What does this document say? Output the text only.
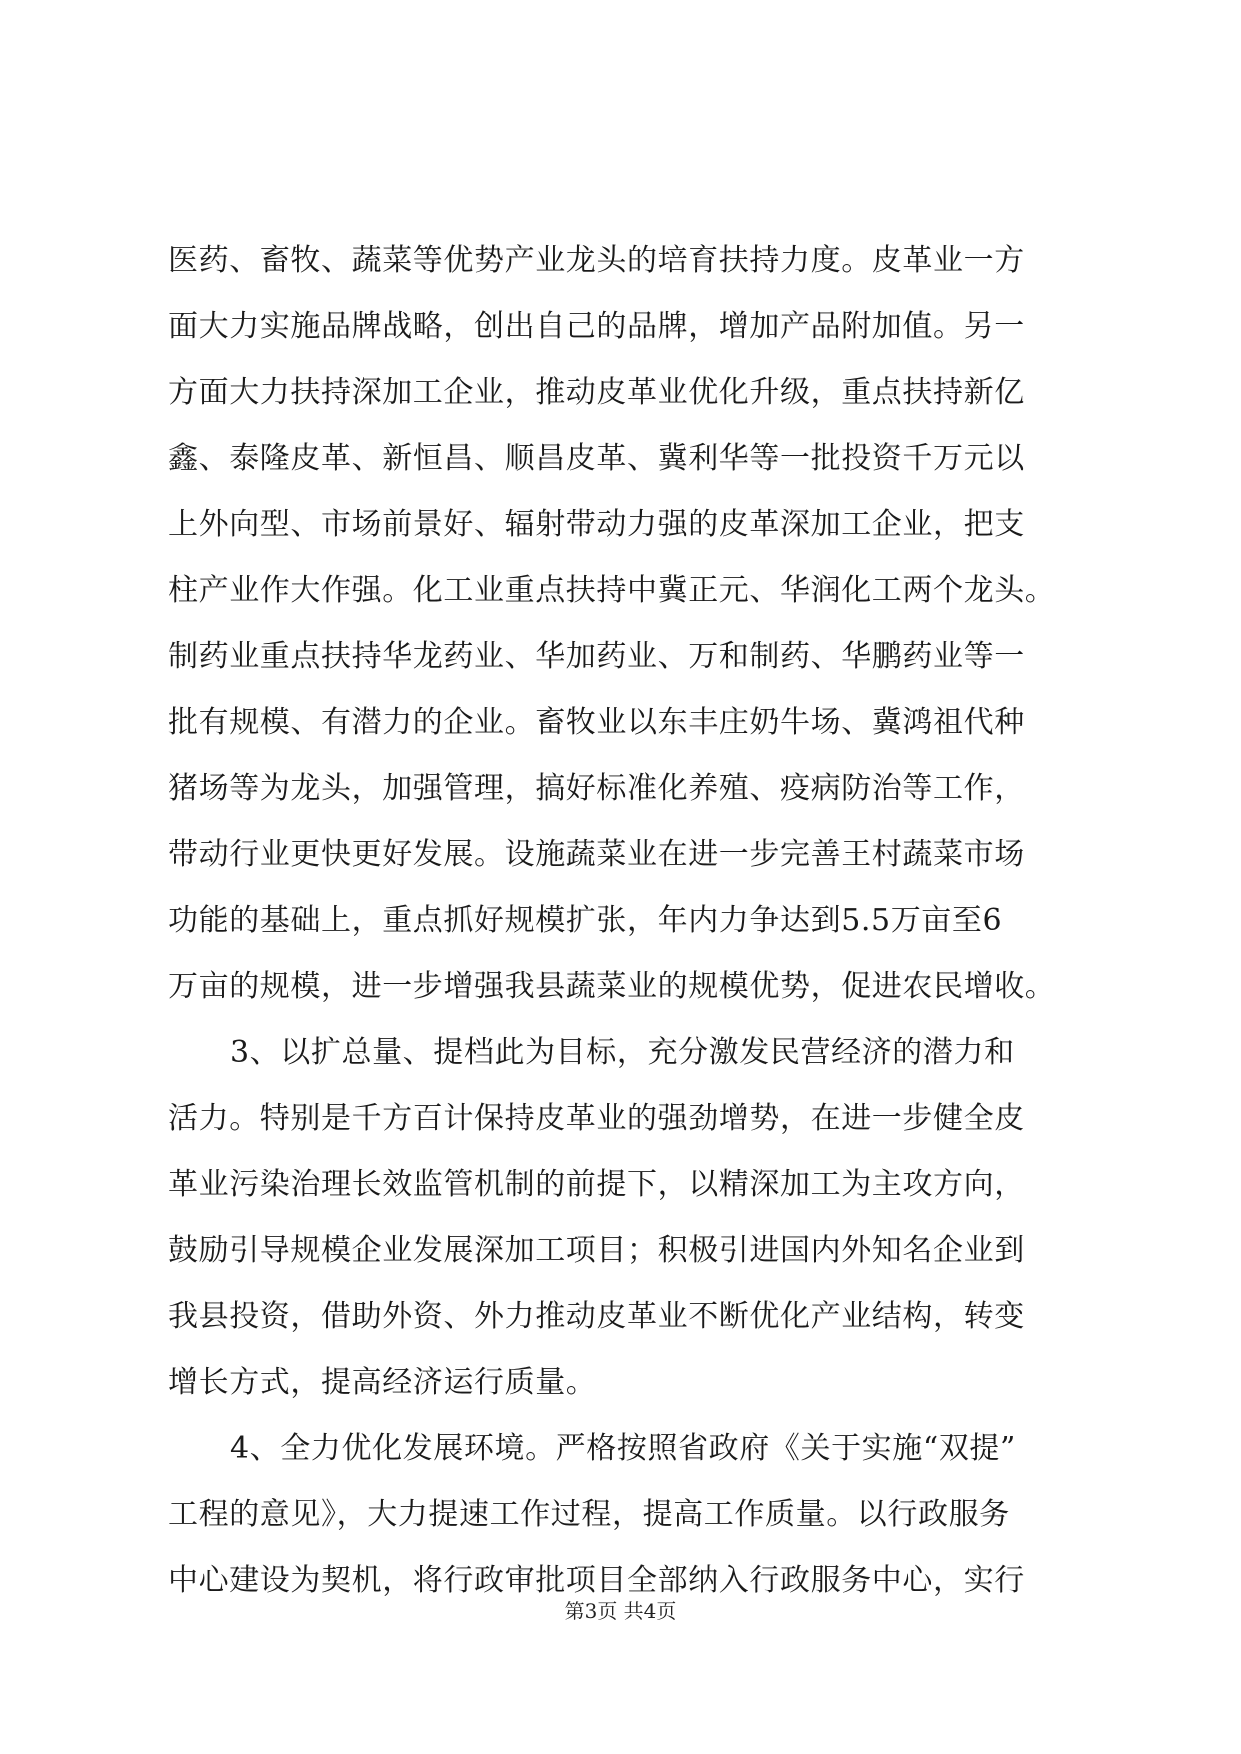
医药、畜牧、蔬菜等优势产业龙头的培育扶持力度。皮革业一方
面大力实施品牌战略，创出自己的品牌，增加产品附加值。另一
方面大力扶持深加工企业，推动皮革业优化升级，重点扶持新亿
鑫、泰隆皮革、新恒昌、顺昌皮革、冀利华等一批投资千万元以
上外向型、市场前景好、辐射带动力强的皮革深加工企业，把支
柱产业作大作强。化工业重点扶持中冀正元、华润化工两个龙头。
制药业重点扶持华龙药业、华加药业、万和制药、华鹏药业等一
批有规模、有潜力的企业。畜牧业以东丰庄奶牛场、冀鸿祖代种
猪场等为龙头，加强管理，搞好标准化养殖、疫病防治等工作，
带动行业更快更好发展。设施蔬菜业在进一步完善王村蔬菜市场
功能的基础上，重点抓好规模扩张，年内力争达到5.5万亩至6
万亩的规模，进一步增强我县蔬菜业的规模优势，促进农民增收。
3、以扩总量、提档此为目标，充分激发民营经济的潜力和
活力。特别是千方百计保持皮革业的强劲增势，在进一步健全皮
革业污染治理长效监管机制的前提下，以精深加工为主攻方向，
鼓励引导规模企业发展深加工项目；积极引进国内外知名企业到
我县投资，借助外资、外力推动皮革业不断优化产业结构，转变
增长方式，提高经济运行质量。
4、全力优化发展环境。严格按照省政府《关于实施“双提”
工程的意见》，大力提速工作过程，提高工作质量。以行政服务
中心建设为契机，将行政审批项目全部纳入行政服务中心，实行
第3页 共4页
